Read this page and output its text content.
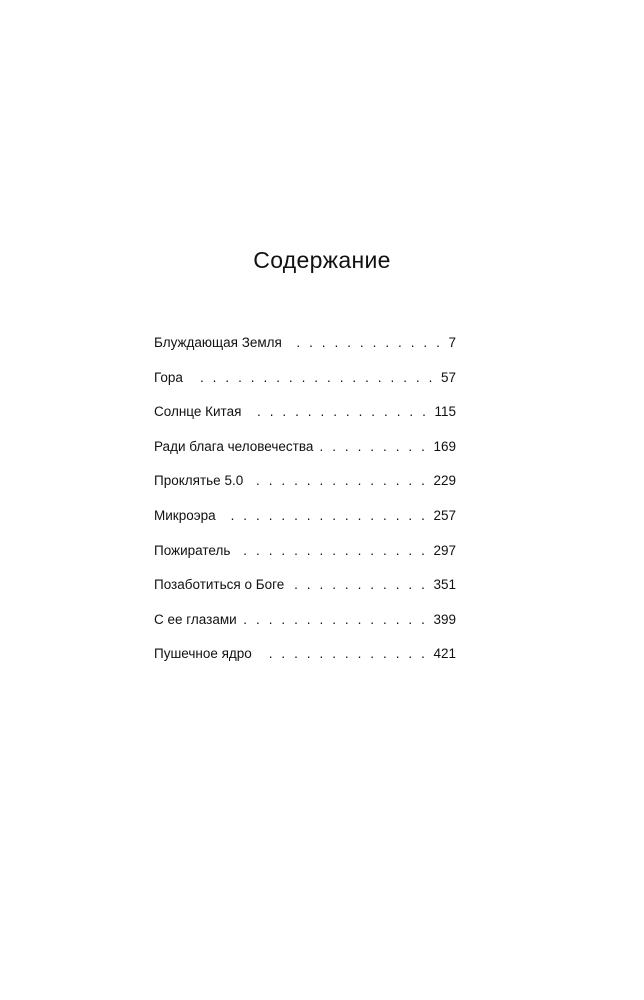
Содержание
Блуждающая Земля . . .	7
Гора . . .	57
Солнце Китая . . .	115
Ради блага человечества . . .	169
Проклятье 5.0 . . .	229
Микроэра . . .	257
Пожиратель . . .	297
Позаботиться о Боге . . .	351
С ее глазами . . .	399
Пушечное ядро . . .	421
